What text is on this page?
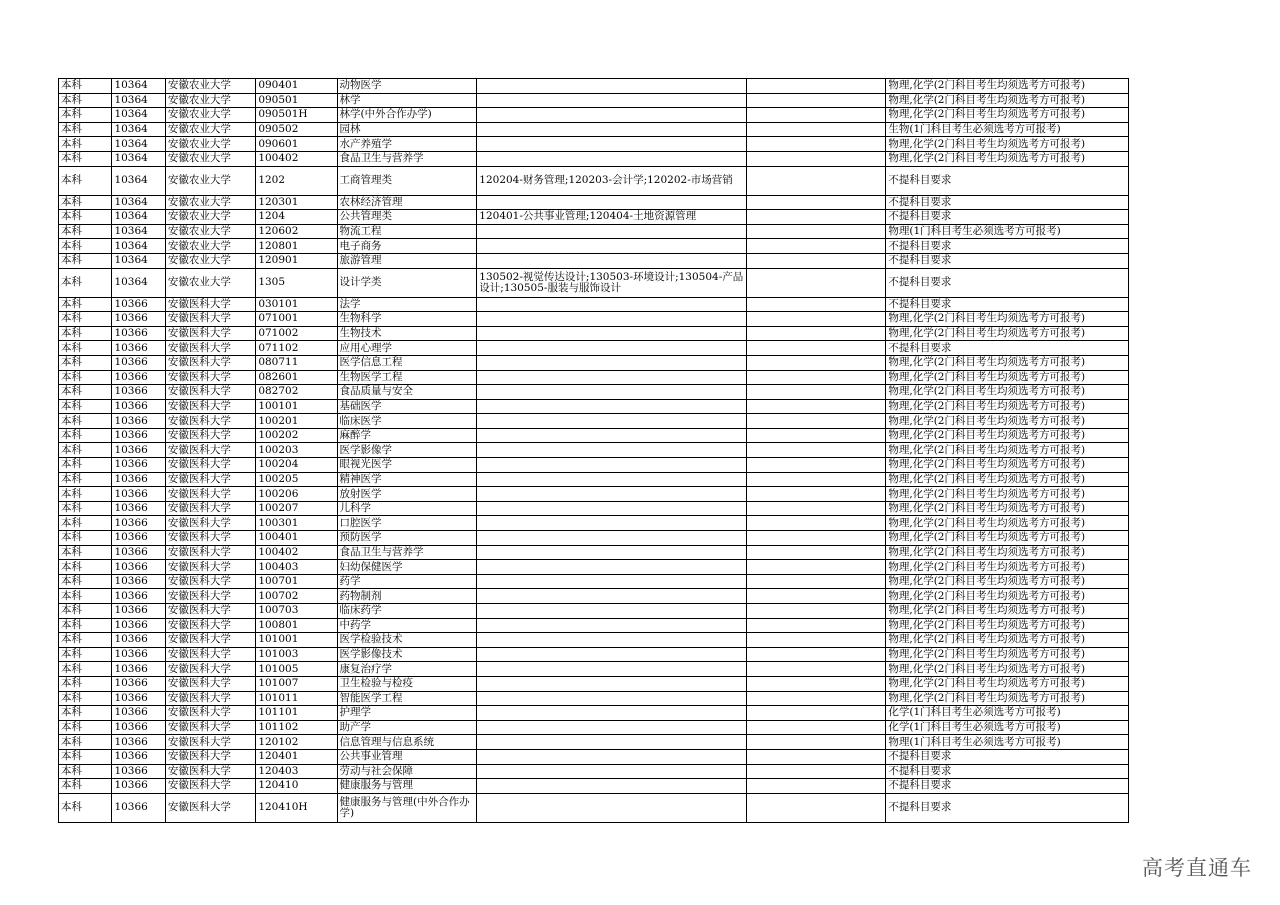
本科	10364	安徽农业大学	090401	动物医学			物理,化学(2门科目考生均须选考方可报考)
本科	10364	安徽农业大学	090501	林学			物理,化学(2门科目考生均须选考方可报考)
本科	10364	安徽农业大学	090501H	林学(中外合作办学)			物理,化学(2门科目考生均须选考方可报考)
本科	10364	安徽农业大学	090502	园林			生物(1门科目考生必须选考方可报考)
本科	10364	安徽农业大学	090601	水产养殖学			物理,化学(2门科目考生均须选考方可报考)
本科	10364	安徽农业大学	100402	食品卫生与营养学			物理,化学(2门科目考生均须选考方可报考)
本科	10364	安徽农业大学	1202	工商管理类	120204-财务管理;120203-会计学;120202-市场营销		不提科目要求
本科	10364	安徽农业大学	120301	农林经济管理			不提科目要求
本科	10364	安徽农业大学	1204	公共管理类	120401-公共事业管理;120404-土地资源管理		不提科目要求
本科	10364	安徽农业大学	120602	物流工程			物理(1门科目考生必须选考方可报考)
本科	10364	安徽农业大学	120801	电子商务			不提科目要求
本科	10364	安徽农业大学	120901	旅游管理			不提科目要求
本科	10364	安徽农业大学	1305	设计学类	130502-视觉传达设计;130503-环境设计;130504-产品设计;130505-服装与服饰设计		不提科目要求
本科	10366	安徽医科大学	030101	法学			不提科目要求
本科	10366	安徽医科大学	071001	生物科学			物理,化学(2门科目考生均须选考方可报考)
本科	10366	安徽医科大学	071002	生物技术			物理,化学(2门科目考生均须选考方可报考)
本科	10366	安徽医科大学	071102	应用心理学			不提科目要求
本科	10366	安徽医科大学	080711	医学信息工程			物理,化学(2门科目考生均须选考方可报考)
本科	10366	安徽医科大学	082601	生物医学工程			物理,化学(2门科目考生均须选考方可报考)
本科	10366	安徽医科大学	082702	食品质量与安全			物理,化学(2门科目考生均须选考方可报考)
本科	10366	安徽医科大学	100101	基础医学			物理,化学(2门科目考生均须选考方可报考)
本科	10366	安徽医科大学	100201	临床医学			物理,化学(2门科目考生均须选考方可报考)
本科	10366	安徽医科大学	100202	麻醉学			物理,化学(2门科目考生均须选考方可报考)
本科	10366	安徽医科大学	100203	医学影像学			物理,化学(2门科目考生均须选考方可报考)
本科	10366	安徽医科大学	100204	眼视光医学			物理,化学(2门科目考生均须选考方可报考)
本科	10366	安徽医科大学	100205	精神医学			物理,化学(2门科目考生均须选考方可报考)
本科	10366	安徽医科大学	100206	放射医学			物理,化学(2门科目考生均须选考方可报考)
本科	10366	安徽医科大学	100207	儿科学			物理,化学(2门科目考生均须选考方可报考)
本科	10366	安徽医科大学	100301	口腔医学			物理,化学(2门科目考生均须选考方可报考)
本科	10366	安徽医科大学	100401	预防医学			物理,化学(2门科目考生均须选考方可报考)
本科	10366	安徽医科大学	100402	食品卫生与营养学			物理,化学(2门科目考生均须选考方可报考)
本科	10366	安徽医科大学	100403	妇幼保健医学			物理,化学(2门科目考生均须选考方可报考)
本科	10366	安徽医科大学	100701	药学			物理,化学(2门科目考生均须选考方可报考)
本科	10366	安徽医科大学	100702	药物制剂			物理,化学(2门科目考生均须选考方可报考)
本科	10366	安徽医科大学	100703	临床药学			物理,化学(2门科目考生均须选考方可报考)
本科	10366	安徽医科大学	100801	中药学			物理,化学(2门科目考生均须选考方可报考)
本科	10366	安徽医科大学	101001	医学检验技术			物理,化学(2门科目考生均须选考方可报考)
本科	10366	安徽医科大学	101003	医学影像技术			物理,化学(2门科目考生均须选考方可报考)
本科	10366	安徽医科大学	101005	康复治疗学			物理,化学(2门科目考生均须选考方可报考)
本科	10366	安徽医科大学	101007	卫生检验与检疫			物理,化学(2门科目考生均须选考方可报考)
本科	10366	安徽医科大学	101011	智能医学工程			物理,化学(2门科目考生均须选考方可报考)
本科	10366	安徽医科大学	101101	护理学			化学(1门科目考生必须选考方可报考)
本科	10366	安徽医科大学	101102	助产学			化学(1门科目考生必须选考方可报考)
本科	10366	安徽医科大学	120102	信息管理与信息系统			物理(1门科目考生必须选考方可报考)
本科	10366	安徽医科大学	120401	公共事业管理			不提科目要求
本科	10366	安徽医科大学	120403	劳动与社会保障			不提科目要求
本科	10366	安徽医科大学	120410	健康服务与管理			不提科目要求
本科	10366	安徽医科大学	120410H	健康服务与管理(中外合作办学)			不提科目要求
高考直通车
